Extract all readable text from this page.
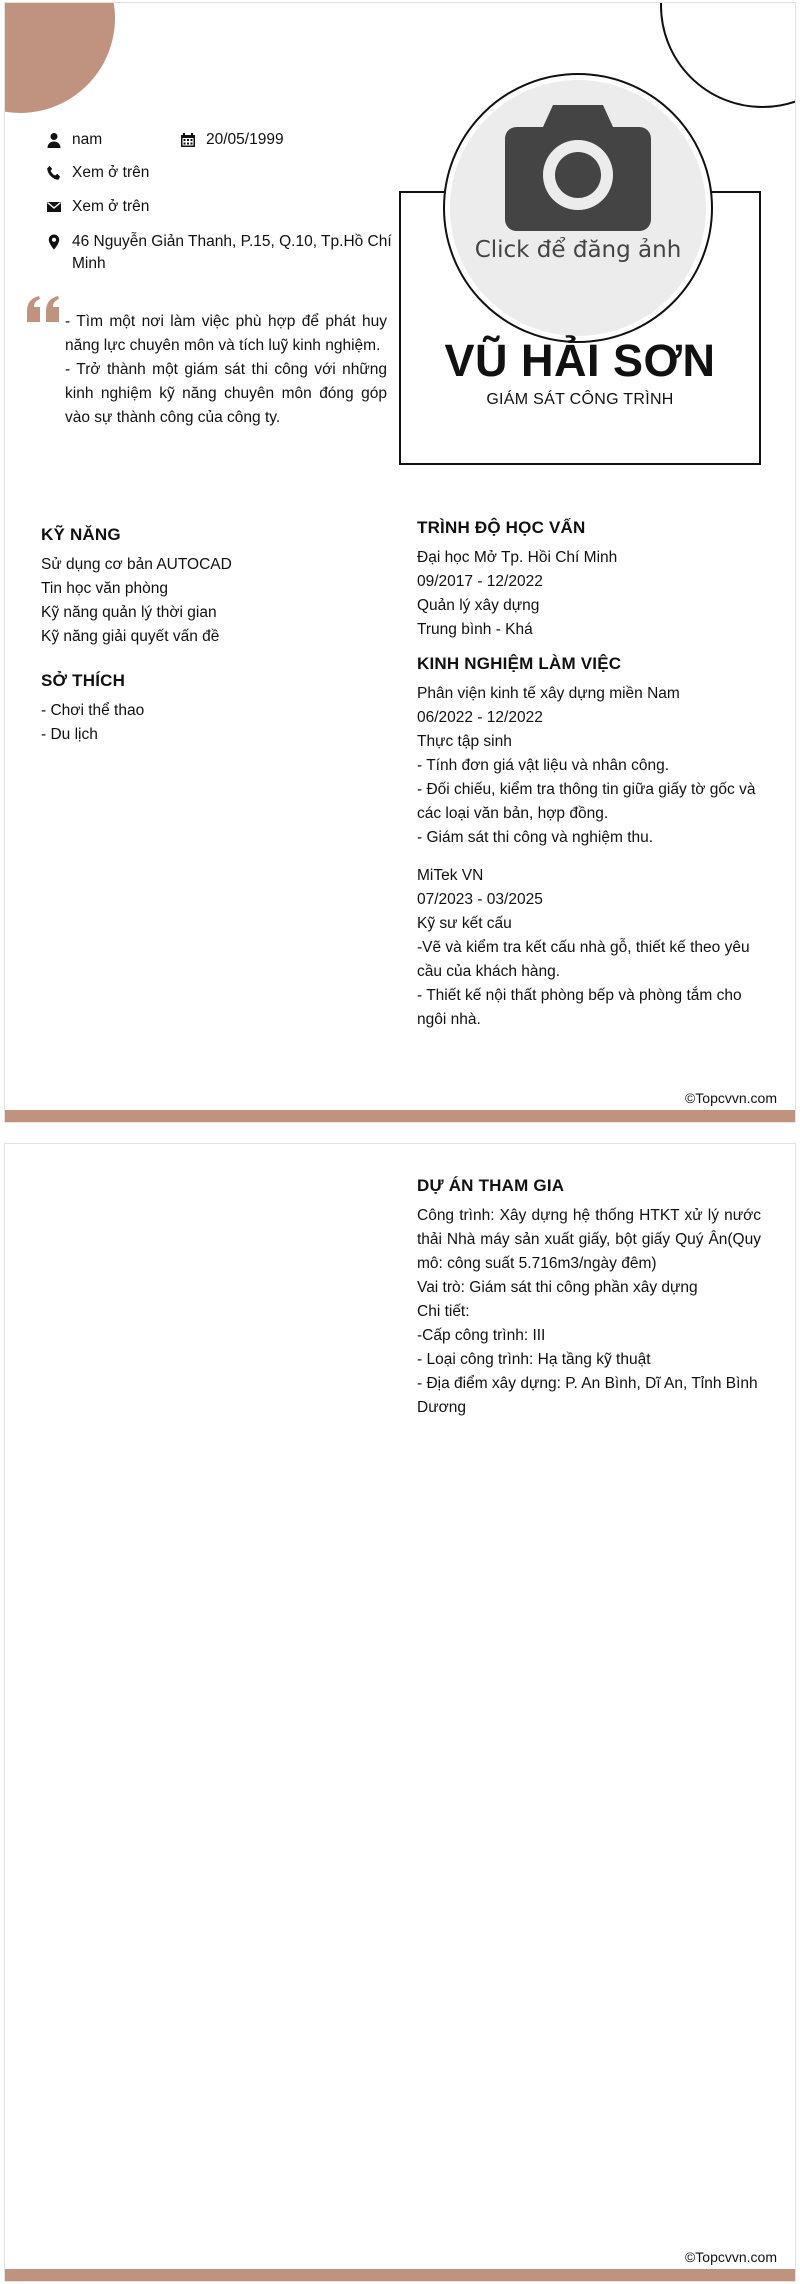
nam	20/05/1999
Xem ở trên
Xem ở trên
46 Nguyễn Giản Thanh, P.15, Q.10, Tp.Hồ Chí Minh

- Tìm một nơi làm việc phù hợp để phát huy năng lực chuyên môn và tích luỹ kinh nghiệm.

- Trở thành một giám sát thi công với những kinh nghiệm kỹ năng chuyên môn đóng góp vào sự thành công của công ty.

Click để đăng ảnh
VŨ HẢI SƠN
GIÁM SÁT CÔNG TRÌNH
KỸ NĂNG
Sử dụng cơ bản AUTOCAD
Tin học văn phòng
Kỹ năng quản lý thời gian
Kỹ năng giải quyết vấn đề
SỞ THÍCH
- Chơi thể thao
- Du lịch
TRÌNH ĐỘ HỌC VẤN
Đại học Mở Tp. Hồi Chí Minh
09/2017 - 12/2022
Quản lý xây dựng
Trung bình - Khá
KINH NGHIỆM LÀM VIỆC
Phân viện kinh tế xây dựng miền Nam
06/2022 - 12/2022
Thực tập sinh
- Tính đơn giá vật liệu và nhân công.
- Đối chiếu, kiểm tra thông tin giữa giấy tờ gốc và các loại văn bản, hợp đồng.
- Giám sát thi công và nghiệm thu.
MiTek VN
07/2023 - 03/2025
Kỹ sư kết cấu
-Vẽ và kiểm tra kết cấu nhà gỗ, thiết kế theo yêu cầu của khách hàng.
- Thiết kế nội thất phòng bếp và phòng tắm cho ngôi nhà.
©Topcvvn.com
DỰ ÁN THAM GIA
Công trình: Xây dựng hệ thống HTKT xử lý nước thải Nhà máy sản xuất giấy, bột giấy Quý Ân(Quy mô: công suất 5.716m3/ngày đêm)
Vai trò: Giám sát thi công phần xây dựng
Chi tiết:
-Cấp công trình: III
- Loại công trình: Hạ tầng kỹ thuật
- Địa điểm xây dựng: P. An Bình, Dĩ An, Tỉnh Bình Dương
©Topcvvn.com
